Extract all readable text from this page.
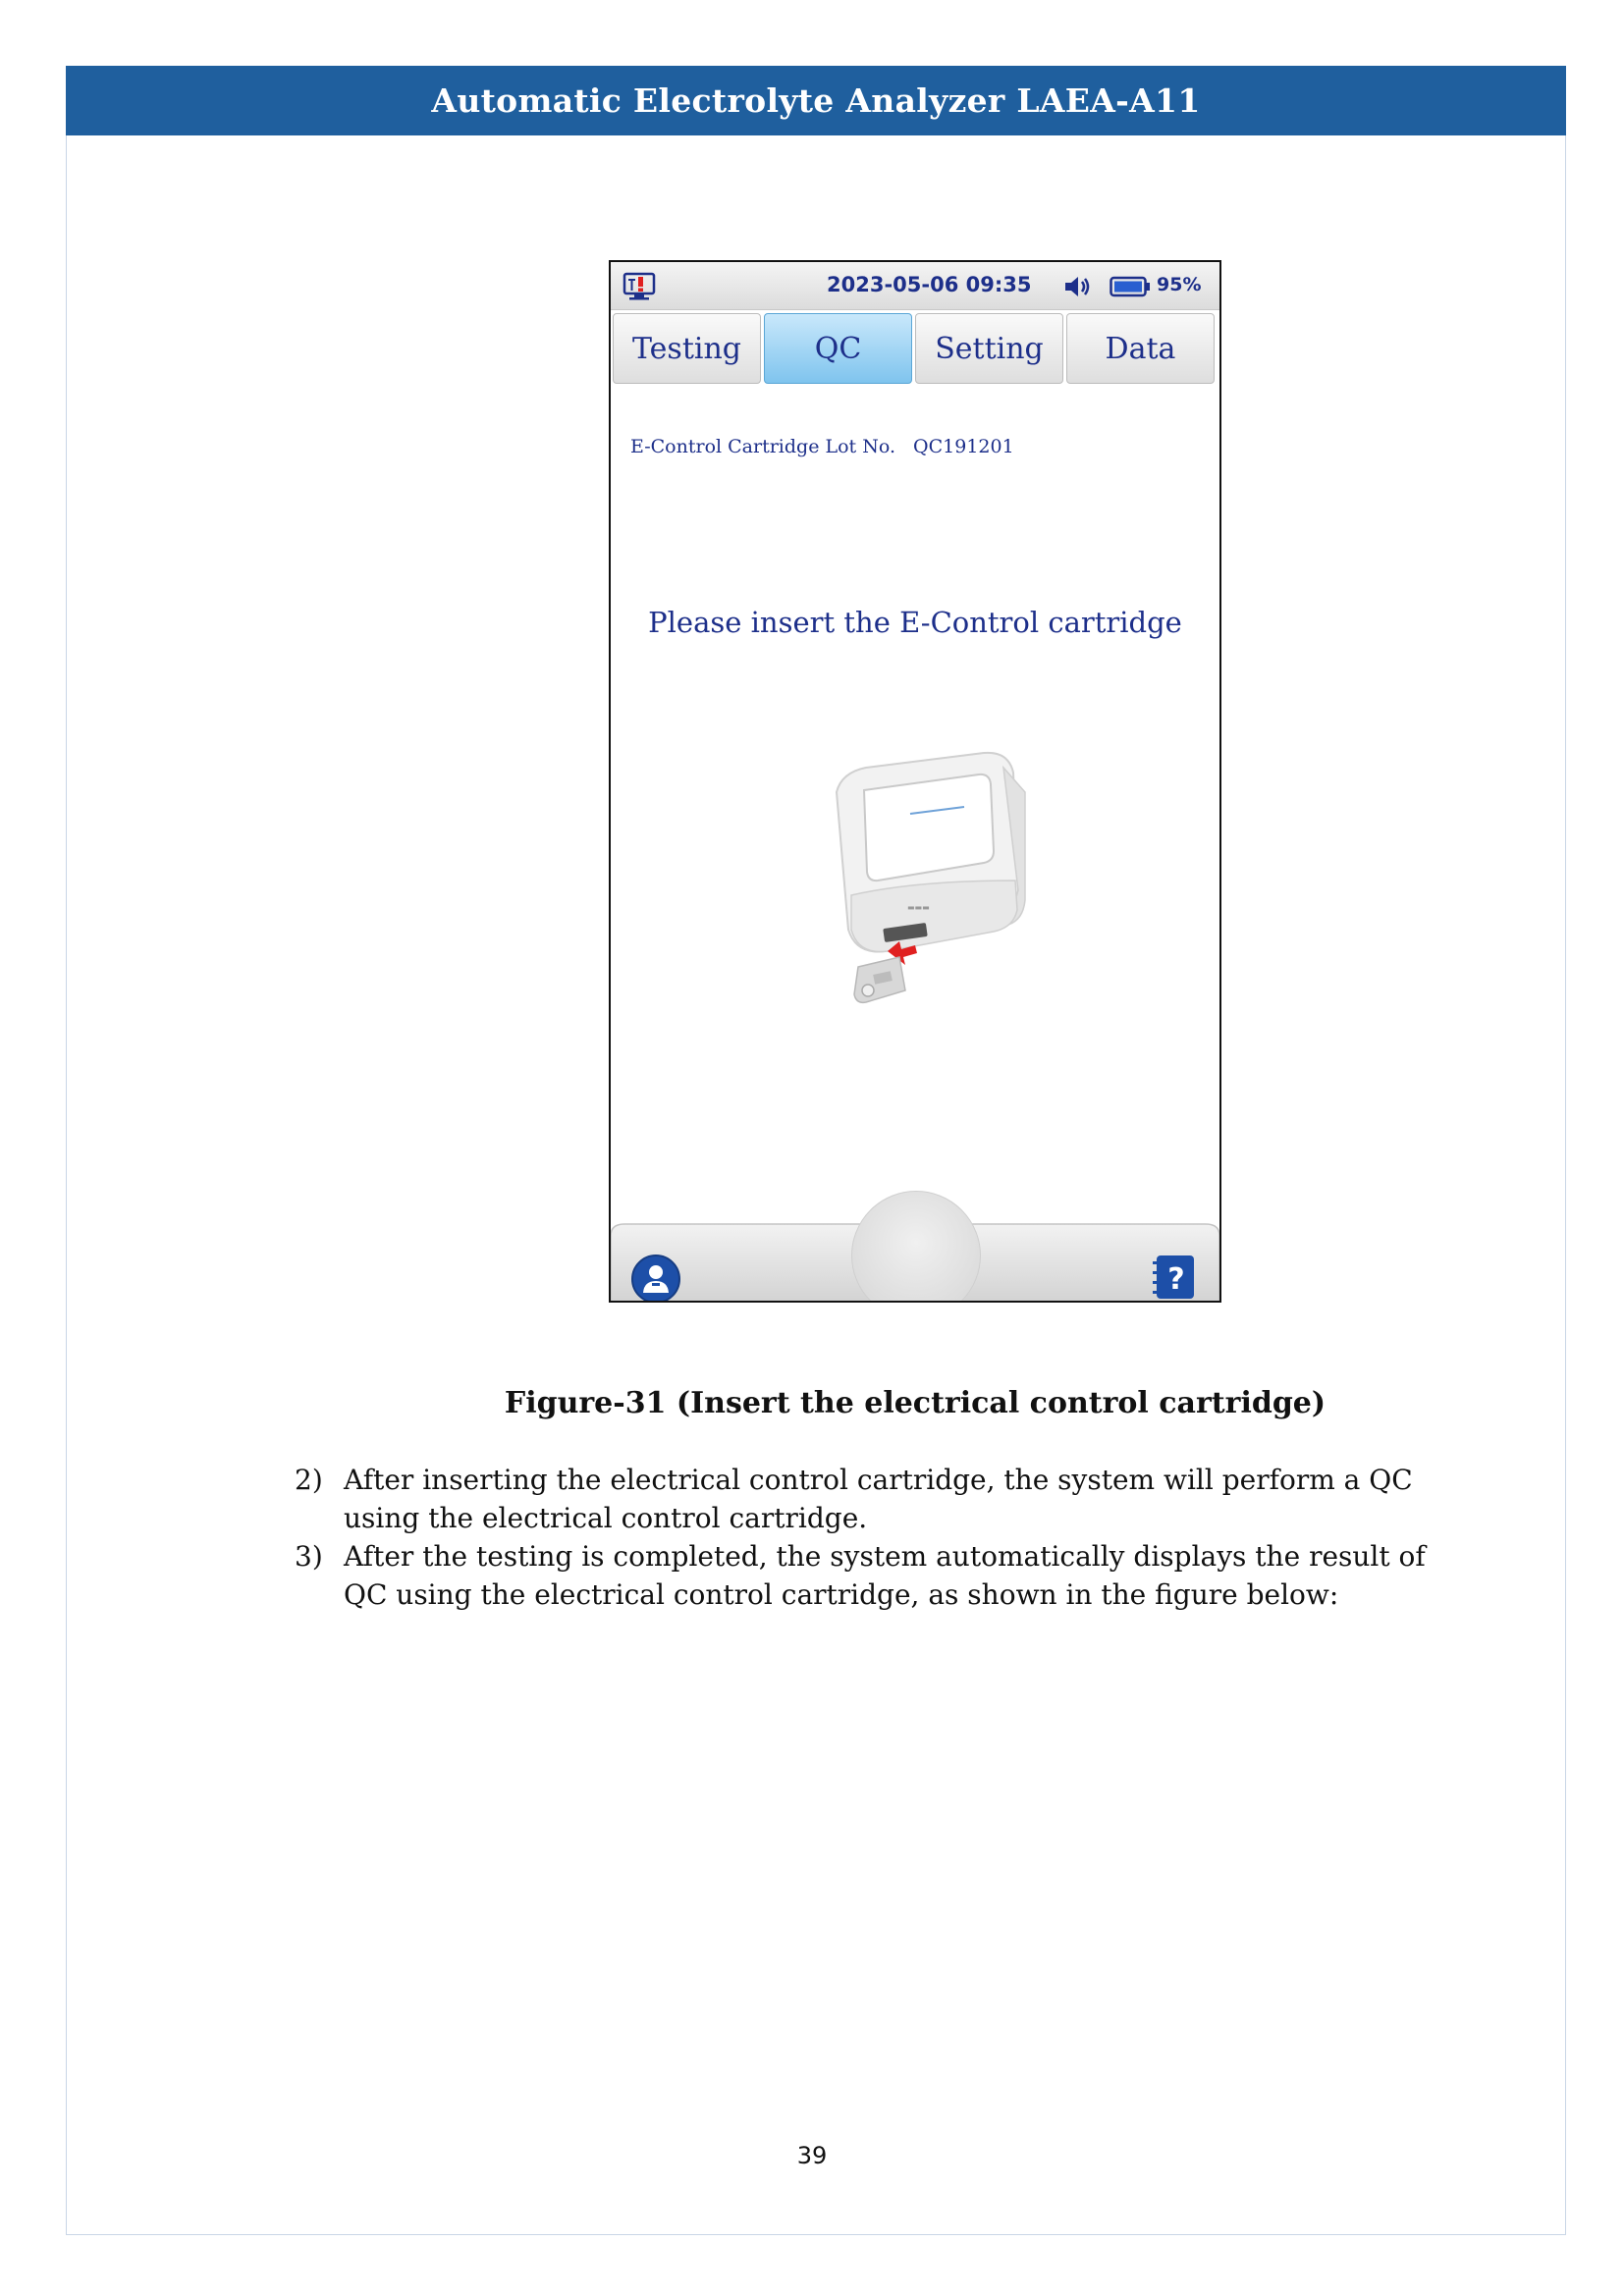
Automatic Electrolyte Analyzer LAEA-A11
2023-05-06 09:35	95%
Testing	QC	Setting	Data
E-Control Cartridge Lot No. QC191201
Please insert the E-Control cartridge
▬▬▬
?
Figure-31 (Insert the electrical control cartridge)

2) After inserting the electrical control cartridge, the system will perform a QC using the electrical control cartridge.

3) After the testing is completed, the system automatically displays the result of QC using the electrical control cartridge, as shown in the figure below:

39
